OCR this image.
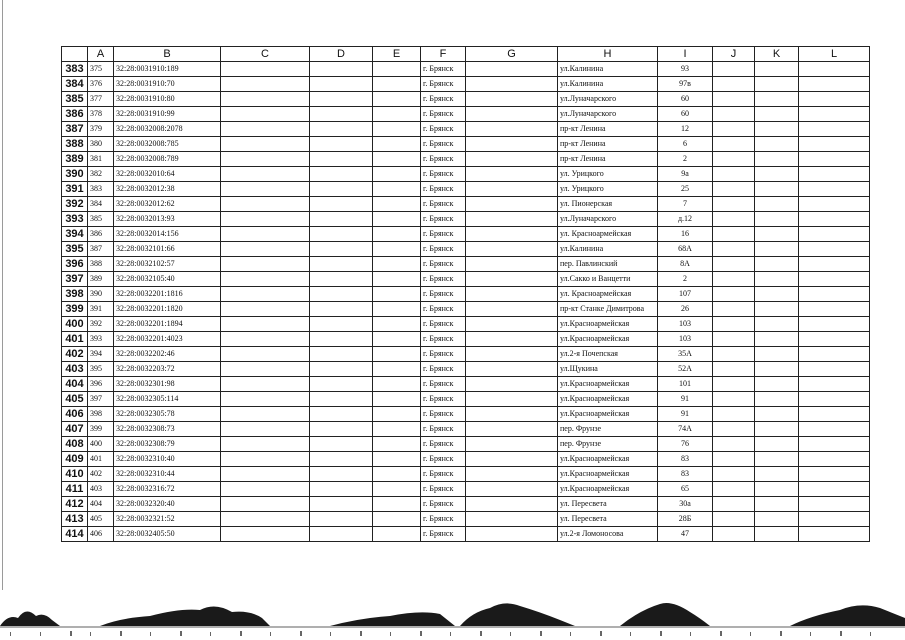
	A	B	C	D	E	F	G	H	I	J	K	L
383	375	32:28:0031910:189				г. Брянск		ул.Калинина	93			
384	376	32:28:0031910:70				г. Брянск		ул.Калинина	97в			
385	377	32:28:0031910:80				г. Брянск		ул.Луначарского	60			
386	378	32:28:0031910:99				г. Брянск		ул.Луначарского	60			
387	379	32:28:0032008:2078				г. Брянск		пр-кт Ленина	12			
388	380	32:28:0032008:785				г. Брянск		пр-кт Ленина	6			
389	381	32:28:0032008:789				г. Брянск		пр-кт Ленина	2			
390	382	32:28:0032010:64				г. Брянск		ул. Урицкого	9а			
391	383	32:28:0032012:38				г. Брянск		ул. Урицкого	25			
392	384	32:28:0032012:62				г. Брянск		ул. Пионерская	7			
393	385	32:28:0032013:93				г. Брянск		ул.Луначарского	д.12			
394	386	32:28:0032014:156				г. Брянск		ул. Красноармейская	16			
395	387	32:28:0032101:66				г. Брянск		ул.Калинина	68А			
396	388	32:28:0032102:57				г. Брянск		пер. Павлинский	8А			
397	389	32:28:0032105:40				г. Брянск		ул.Сакко и Ванцетти	2			
398	390	32:28:0032201:1816				г. Брянск		ул. Красноармейская	107			
399	391	32:28:0032201:1820				г. Брянск		пр-кт Станке Димитрова	26			
400	392	32:28:0032201:1894				г. Брянск		ул.Красноармейская	103			
401	393	32:28:0032201:4023				г. Брянск		ул.Красноармейская	103			
402	394	32:28:0032202:46				г. Брянск		ул.2-я Почепская	35А			
403	395	32:28:0032203:72				г. Брянск		ул.Щукина	52А			
404	396	32:28:0032301:98				г. Брянск		ул.Красноармейская	101			
405	397	32:28:0032305:114				г. Брянск		ул.Красноармейская	91			
406	398	32:28:0032305:78				г. Брянск		ул.Красноармейская	91			
407	399	32:28:0032308:73				г. Брянск		пер. Фрунзе	74А			
408	400	32:28:0032308:79				г. Брянск		пер. Фрунзе	76			
409	401	32:28:0032310:40				г. Брянск		ул.Красноармейская	83			
410	402	32:28:0032310:44				г. Брянск		ул.Красноармейская	83			
411	403	32:28:0032316:72				г. Брянск		ул.Красноармейская	65			
412	404	32:28:0032320:40				г. Брянск		ул. Пересвета	30а			
413	405	32:28:0032321:52				г. Брянск		ул. Пересвета	28Б			
414	406	32:28:0032405:50				г. Брянск		ул.2-я Ломоносова	47			
